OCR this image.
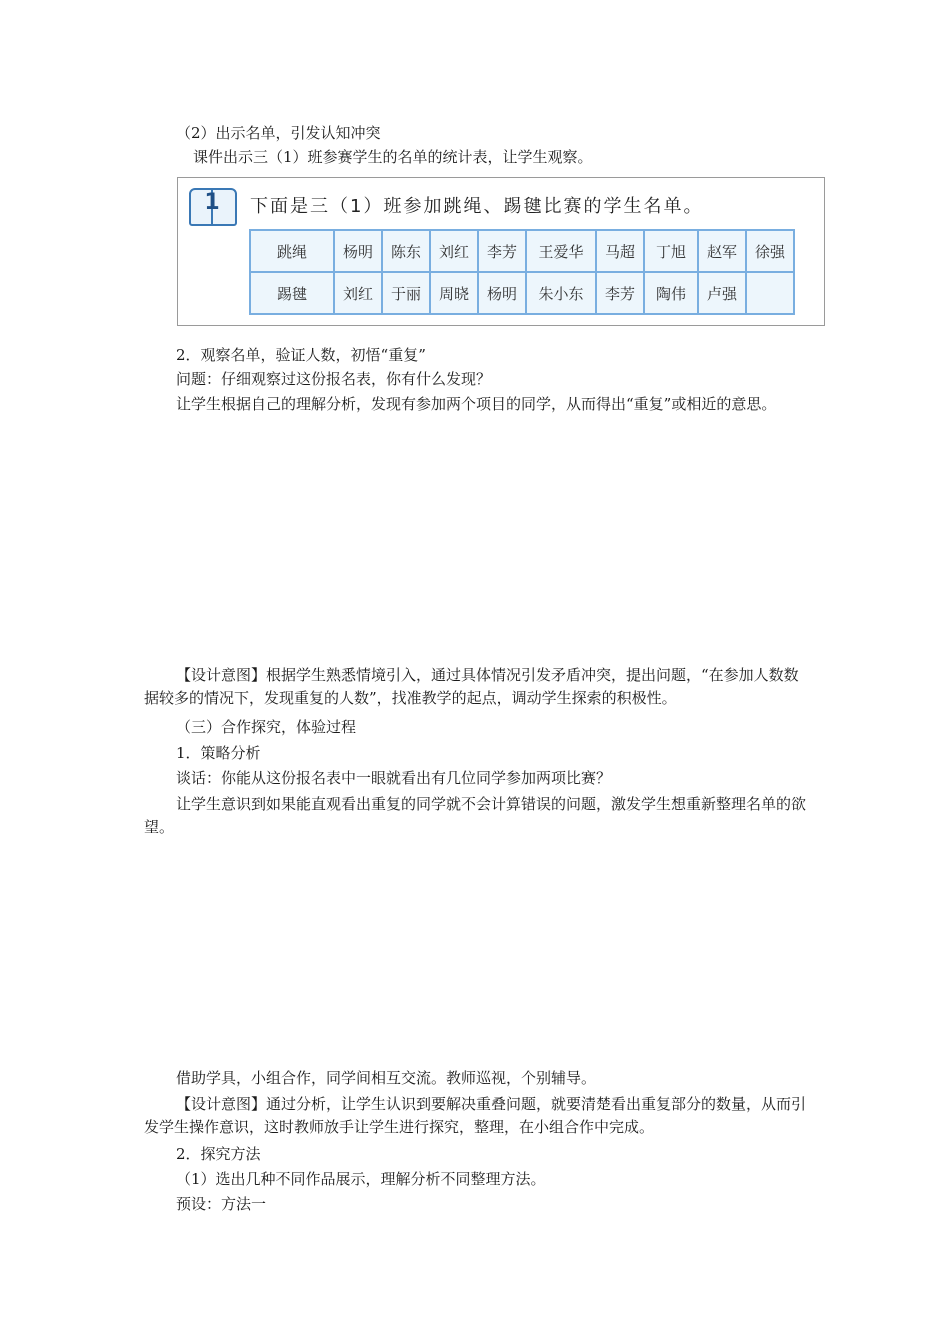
（2）出示名单，引发认知冲突
课件出示三（1）班参赛学生的名单的统计表，让学生观察。
1	下面是三（1）班参加跳绳、踢毽比赛的学生名单。
跳绳	杨明	陈东	刘红	李芳	王爱华	马超	丁旭	赵军	徐强
踢毽	刘红	于丽	周晓	杨明	朱小东	李芳	陶伟	卢强	
2．观察名单，验证人数，初悟“重复”
问题：仔细观察过这份报名表，你有什么发现？
让学生根据自己的理解分析，发现有参加两个项目的同学，从而得出“重复”或相近的意思。
【设计意图】根据学生熟悉情境引入，通过具体情况引发矛盾冲突，提出问题，“在参加人数数据较多的情况下，发现重复的人数”，找准教学的起点，调动学生探索的积极性。
（三）合作探究，体验过程
1．策略分析
谈话：你能从这份报名表中一眼就看出有几位同学参加两项比赛？
让学生意识到如果能直观看出重复的同学就不会计算错误的问题，激发学生想重新整理名单的欲望。
借助学具，小组合作，同学间相互交流。教师巡视，个别辅导。
【设计意图】通过分析，让学生认识到要解决重叠问题，就要清楚看出重复部分的数量，从而引发学生操作意识，这时教师放手让学生进行探究，整理，在小组合作中完成。
2．探究方法
（1）选出几种不同作品展示，理解分析不同整理方法。
预设：方法一
